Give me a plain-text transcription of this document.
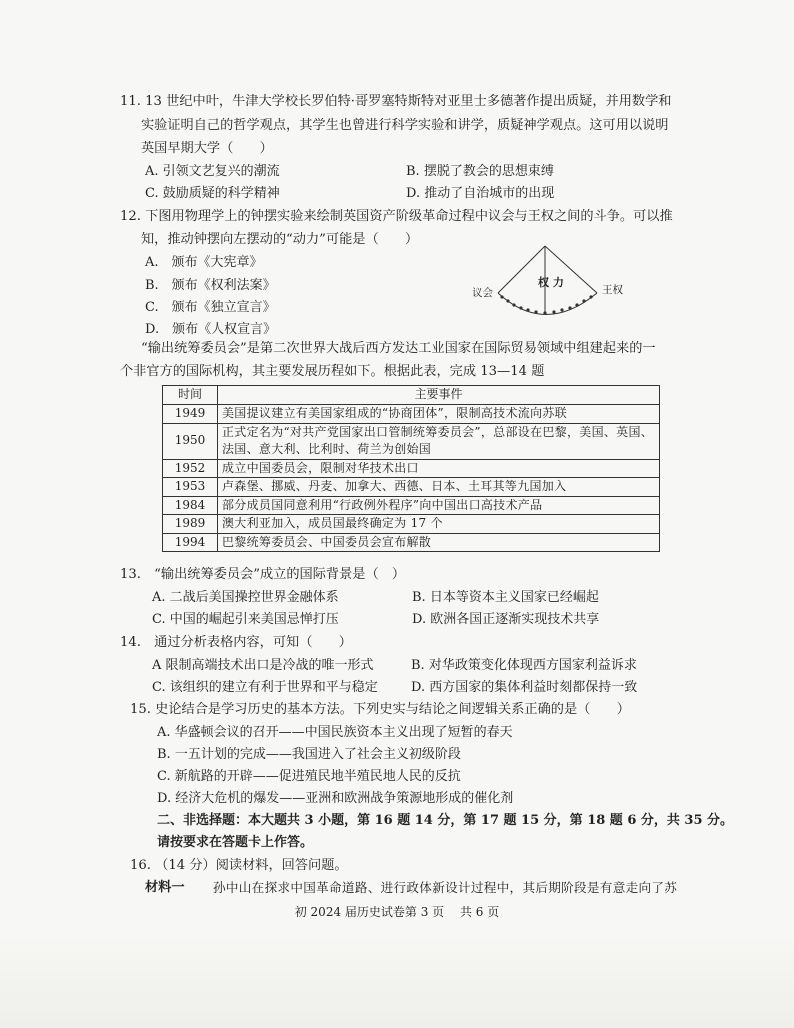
11. 13 世纪中叶，牛津大学校长罗伯特·哥罗塞特斯特对亚里士多德著作提出质疑，并用数学和
实验证明自己的哲学观点，其学生也曾进行科学实验和讲学，质疑神学观点。这可用以说明
英国早期大学（　　）
A. 引领文艺复兴的潮流	B. 摆脱了教会的思想束缚
C. 鼓励质疑的科学精神	D. 推动了自治城市的出现
12. 下图用物理学上的钟摆实验来绘制英国资产阶级革命过程中议会与王权之间的斗争。可以推
知，推动钟摆向左摆动的“动力”可能是（　　）
A.　颁布《大宪章》
B.　颁布《权利法案》
C.　颁布《独立宣言》
D.　颁布《人权宣言》
议会
权 力
王权
“输出统筹委员会”是第二次世界大战后西方发达工业国家在国际贸易领域中组建起来的一
个非官方的国际机构，其主要发展历程如下。根据此表，完成 13—14 题
时间	主要事件
1949	美国提议建立有美国家组成的“协商团体”，限制高技术流向苏联
1950	正式定名为“对共产党国家出口管制统筹委员会”，总部设在巴黎，美国、英国、法国、意大利、比利时、荷兰为创始国
1952	成立中国委员会，限制对华技术出口
1953	卢森堡、挪威、丹麦、加拿大、西德、日本、土耳其等九国加入
1984	部分成员国同意利用“行政例外程序”向中国出口高技术产品
1989	澳大利亚加入，成员国最终确定为 17 个
1994	巴黎统筹委员会、中国委员会宣布解散
13.　“输出统筹委员会”成立的国际背景是（　）
A. 二战后美国操控世界金融体系	B. 日本等资本主义国家已经崛起
C. 中国的崛起引来美国忌惮打压	D. 欧洲各国正逐渐实现技术共享
14.　通过分析表格内容，可知（　　）
A 限制高端技术出口是冷战的唯一形式	B. 对华政策变化体现西方国家利益诉求
C. 该组织的建立有利于世界和平与稳定	D. 西方国家的集体利益时刻都保持一致
15. 史论结合是学习历史的基本方法。下列史实与结论之间逻辑关系正确的是（　　）
A. 华盛顿会议的召开——中国民族资本主义出现了短暂的春天
B. 一五计划的完成——我国进入了社会主义初级阶段
C. 新航路的开辟——促进殖民地半殖民地人民的反抗
D. 经济大危机的爆发——亚洲和欧洲战争策源地形成的催化剂
二、非选择题：本大题共 3 小题，第 16 题 14 分，第 17 题 15 分，第 18 题 6 分，共 35 分。
请按要求在答题卡上作答。
16. （14 分）阅读材料，回答问题。
材料一 孙中山在探求中国革命道路、进行政体新设计过程中，其后期阶段是有意走向了苏
初 2024 届历史试卷第 3 页　 共 6 页
